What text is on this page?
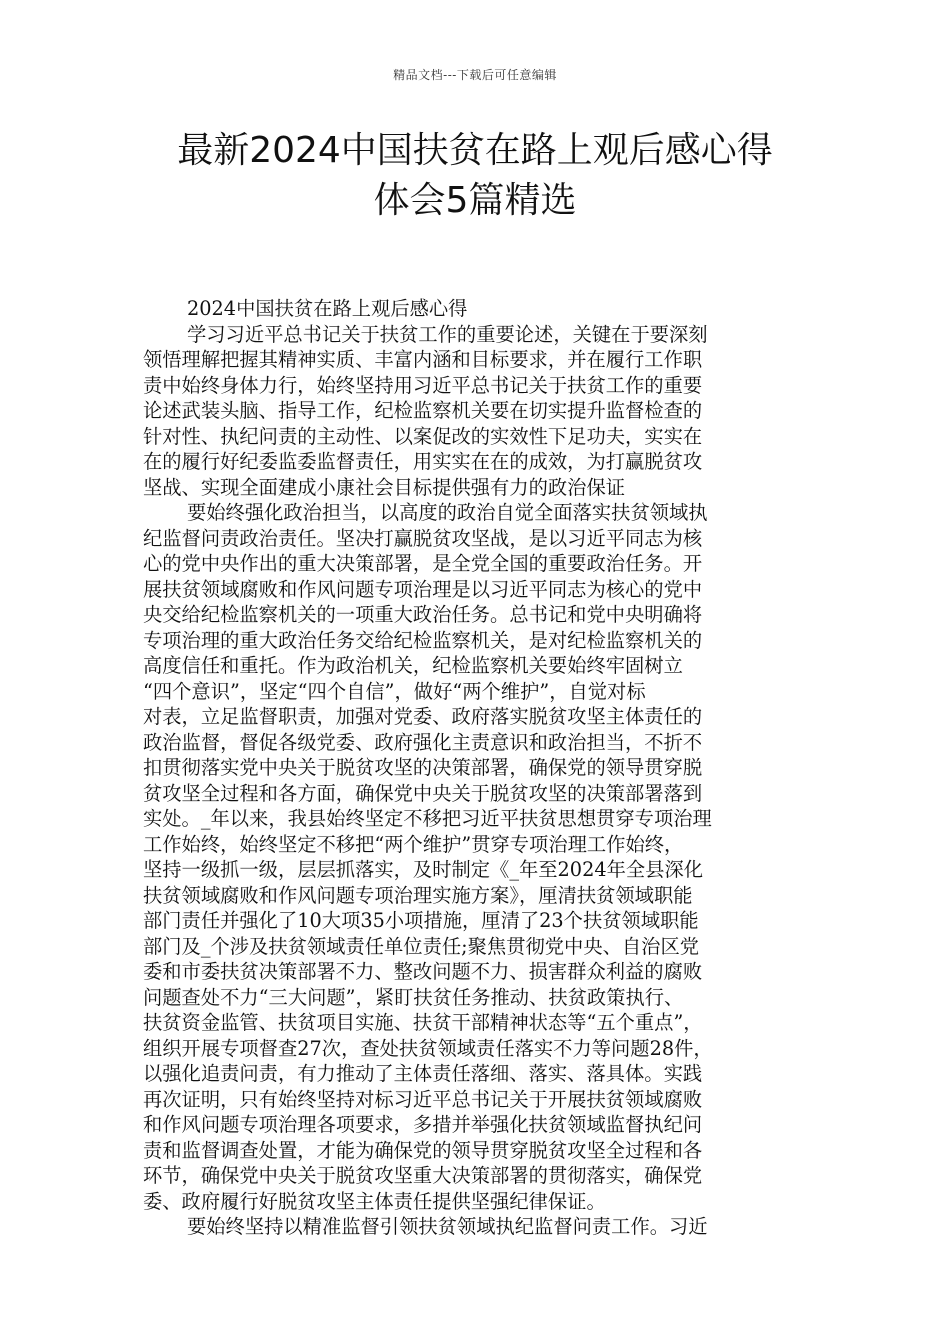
精品文档---下载后可任意编辑
最新2024中国扶贫在路上观后感心得
体会5篇精选
2024中国扶贫在路上观后感心得
学习习近平总书记关于扶贫工作的重要论述，关键在于要深刻
领悟理解把握其精神实质、丰富内涵和目标要求，并在履行工作职
责中始终身体力行，始终坚持用习近平总书记关于扶贫工作的重要
论述武装头脑、指导工作，纪检监察机关要在切实提升监督检查的
针对性、执纪问责的主动性、以案促改的实效性下足功夫，实实在
在的履行好纪委监委监督责任，用实实在在的成效，为打赢脱贫攻
坚战、实现全面建成小康社会目标提供强有力的政治保证
要始终强化政治担当，以高度的政治自觉全面落实扶贫领域执
纪监督问责政治责任。坚决打赢脱贫攻坚战，是以习近平同志为核
心的党中央作出的重大决策部署，是全党全国的重要政治任务。开
展扶贫领域腐败和作风问题专项治理是以习近平同志为核心的党中
央交给纪检监察机关的一项重大政治任务。总书记和党中央明确将
专项治理的重大政治任务交给纪检监察机关，是对纪检监察机关的
高度信任和重托。作为政治机关，纪检监察机关要始终牢固树立
“四个意识”，坚定“四个自信”，做好“两个维护”，自觉对标
对表，立足监督职责，加强对党委、政府落实脱贫攻坚主体责任的
政治监督，督促各级党委、政府强化主责意识和政治担当，不折不
扣贯彻落实党中央关于脱贫攻坚的决策部署，确保党的领导贯穿脱
贫攻坚全过程和各方面，确保党中央关于脱贫攻坚的决策部署落到
实处。_年以来，我县始终坚定不移把习近平扶贫思想贯穿专项治理
工作始终，始终坚定不移把“两个维护”贯穿专项治理工作始终，
坚持一级抓一级，层层抓落实，及时制定《_年至2024年全县深化
扶贫领域腐败和作风问题专项治理实施方案》，厘清扶贫领域职能
部门责任并强化了10大项35小项措施，厘清了23个扶贫领域职能
部门及_个涉及扶贫领域责任单位责任;聚焦贯彻党中央、自治区党
委和市委扶贫决策部署不力、整改问题不力、损害群众利益的腐败
问题查处不力“三大问题”，紧盯扶贫任务推动、扶贫政策执行、
扶贫资金监管、扶贫项目实施、扶贫干部精神状态等“五个重点”，
组织开展专项督查27次，查处扶贫领域责任落实不力等问题28件，
以强化追责问责，有力推动了主体责任落细、落实、落具体。实践
再次证明，只有始终坚持对标习近平总书记关于开展扶贫领域腐败
和作风问题专项治理各项要求，多措并举强化扶贫领域监督执纪问
责和监督调查处置，才能为确保党的领导贯穿脱贫攻坚全过程和各
环节，确保党中央关于脱贫攻坚重大决策部署的贯彻落实，确保党
委、政府履行好脱贫攻坚主体责任提供坚强纪律保证。
要始终坚持以精准监督引领扶贫领域执纪监督问责工作。习近
